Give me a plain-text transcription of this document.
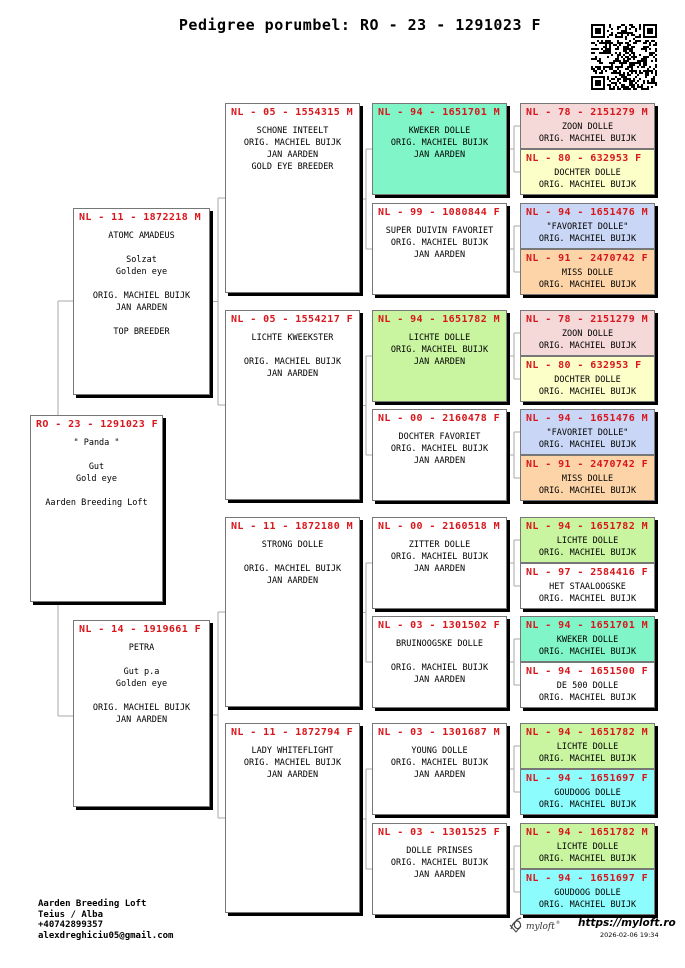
Pedigree porumbel: RO - 23 - 1291023 F
RO - 23 - 1291023 F
" Panda "

Gut
Gold eye

Aarden Breeding Loft
NL - 11 - 1872218 M
ATOMC AMADEUS

Solzat
Golden eye

ORIG. MACHIEL BUIJK
JAN AARDEN

TOP BREEDER
NL - 14 - 1919661 F
PETRA

Gut p.a
Golden eye

ORIG. MACHIEL BUIJK
JAN AARDEN
NL - 05 - 1554315 M
SCHONE INTEELT
ORIG. MACHIEL BUIJK
JAN AARDEN
GOLD EYE BREEDER
NL - 05 - 1554217 F
LICHTE KWEEKSTER

ORIG. MACHIEL BUIJK
JAN AARDEN
NL - 11 - 1872180 M
STRONG DOLLE

ORIG. MACHIEL BUIJK
JAN AARDEN
NL - 11 - 1872794 F
LADY WHITEFLIGHT
ORIG. MACHIEL BUIJK
JAN AARDEN
NL - 94 - 1651701 M
KWEKER DOLLE
ORIG. MACHIEL BUIJK
JAN AARDEN
NL - 99 - 1080844 F
SUPER DUIVIN FAVORIET
ORIG. MACHIEL BUIJK
JAN AARDEN
NL - 94 - 1651782 M
LICHTE DOLLE
ORIG. MACHIEL BUIJK
JAN AARDEN
NL - 00 - 2160478 F
DOCHTER FAVORIET
ORIG. MACHIEL BUIJK
JAN AARDEN
NL - 00 - 2160518 M
ZITTER DOLLE
ORIG. MACHIEL BUIJK
JAN AARDEN
NL - 03 - 1301502 F
BRUINOOGSKE DOLLE

ORIG. MACHIEL BUIJK
JAN AARDEN
NL - 03 - 1301687 M
YOUNG DOLLE
ORIG. MACHIEL BUIJK
JAN AARDEN
NL - 03 - 1301525 F
DOLLE PRINSES
ORIG. MACHIEL BUIJK
JAN AARDEN
NL - 78 - 2151279 M
ZOON DOLLE
ORIG. MACHIEL BUIJK
NL - 80 - 632953 F
DOCHTER DOLLE
ORIG. MACHIEL BUIJK
NL - 94 - 1651476 M
"FAVORIET DOLLE"
ORIG. MACHIEL BUIJK
NL - 91 - 2470742 F
MISS DOLLE
ORIG. MACHIEL BUIJK
NL - 78 - 2151279 M
ZOON DOLLE
ORIG. MACHIEL BUIJK
NL - 80 - 632953 F
DOCHTER DOLLE
ORIG. MACHIEL BUIJK
NL - 94 - 1651476 M
"FAVORIET DOLLE"
ORIG. MACHIEL BUIJK
NL - 91 - 2470742 F
MISS DOLLE
ORIG. MACHIEL BUIJK
NL - 94 - 1651782 M
LICHTE DOLLE
ORIG. MACHIEL BUIJK
NL - 97 - 2584416 F
HET STAALOOGSKE
ORIG. MACHIEL BUIJK
NL - 94 - 1651701 M
KWEKER DOLLE
ORIG. MACHIEL BUIJK
NL - 94 - 1651500 F
DE 500 DOLLE
ORIG. MACHIEL BUIJK
NL - 94 - 1651782 M
LICHTE DOLLE
ORIG. MACHIEL BUIJK
NL - 94 - 1651697 F
GOUDOOG DOLLE
ORIG. MACHIEL BUIJK
NL - 94 - 1651782 M
LICHTE DOLLE
ORIG. MACHIEL BUIJK
NL - 94 - 1651697 F
GOUDOOG DOLLE
ORIG. MACHIEL BUIJK
Aarden Breeding Loft
Teius / Alba
+40742899357
alexdreghiciu05@gmail.com
myloft ® https://myloft.ro
2026-02-06 19:34
